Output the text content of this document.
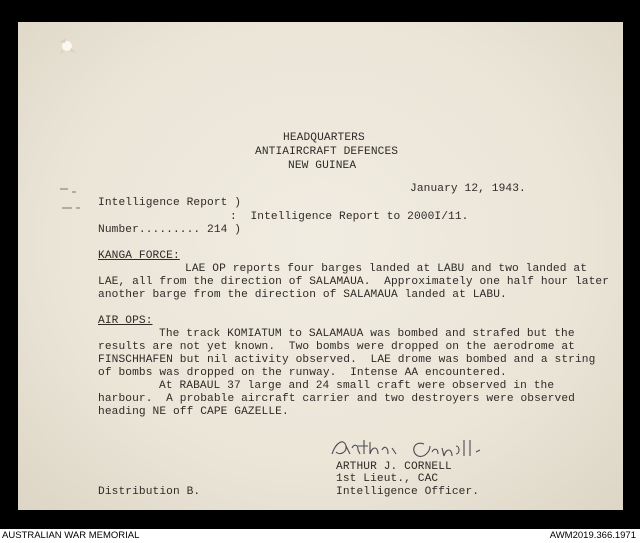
HEADQUARTERS
ANTIAIRCRAFT DEFENCES
NEW GUINEA
January 12, 1943.
Intelligence Report )
:  Intelligence Report to 2000I/11.
Number......... 214 )
KANGA FORCE:
LAE OP reports four barges landed at LABU and two landed at
LAE, all from the direction of SALAMAUA.  Approximately one half hour later
another barge from the direction of SALAMAUA landed at LABU.
AIR OPS:
The track KOMIATUM to SALAMAUA was bombed and strafed but the
results are not yet known.  Two bombs were dropped on the aerodrome at
FINSCHHAFEN but nil activity observed.  LAE drome was bombed and a string
of bombs was dropped on the runway.  Intense AA encountered.
At RABAUL 37 large and 24 small craft were observed in the
harbour.  A probable aircraft carrier and two destroyers were observed
heading NE off CAPE GAZELLE.
ARTHUR J. CORNELL
1st Lieut., CAC
Intelligence Officer.
Distribution B.
AUSTRALIAN WAR MEMORIAL	AWM2019.366.1971
